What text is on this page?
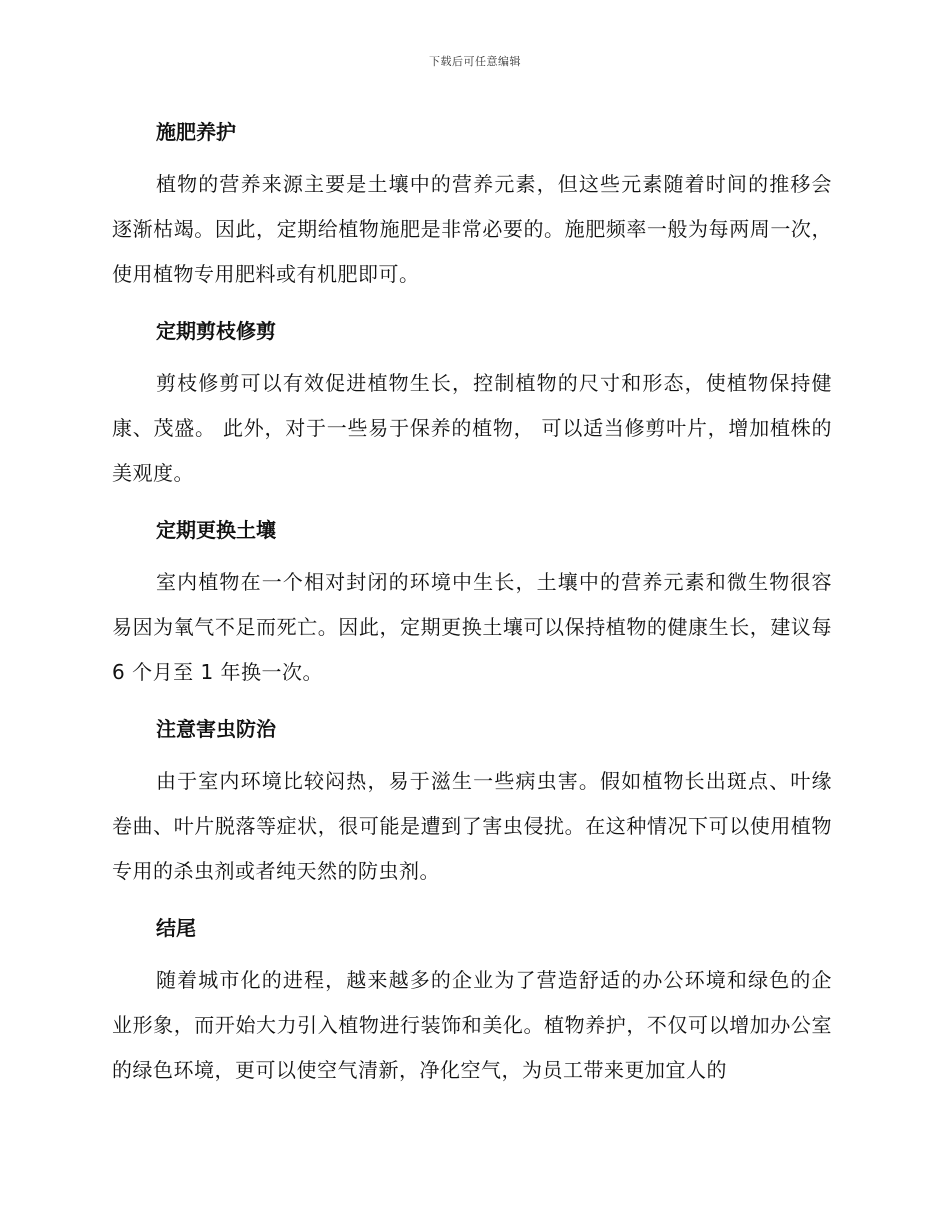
下载后可任意编辑
施肥养护

植物的营养来源主要是土壤中的营养元素，但这些元素随着时间的推移会逐渐枯竭。因此，定期给植物施肥是非常必要的。施肥频率一般为每两周一次，使用植物专用肥料或有机肥即可。

定期剪枝修剪

剪枝修剪可以有效促进植物生长，控制植物的尺寸和形态，使植物保持健康、茂盛。 此外，对于一些易于保养的植物， 可以适当修剪叶片，增加植株的美观度。

定期更换土壤

室内植物在一个相对封闭的环境中生长，土壤中的营养元素和微生物很容易因为氧气不足而死亡。因此，定期更换土壤可以保持植物的健康生长，建议每 6 个月至 1 年换一次。

注意害虫防治

由于室内环境比较闷热，易于滋生一些病虫害。假如植物长出斑点、叶缘卷曲、叶片脱落等症状，很可能是遭到了害虫侵扰。在这种情况下可以使用植物专用的杀虫剂或者纯天然的防虫剂。

结尾

随着城市化的进程，越来越多的企业为了营造舒适的办公环境和绿色的企业形象，而开始大力引入植物进行装饰和美化。植物养护，不仅可以增加办公室的绿色环境，更可以使空气清新，净化空气，为员工带来更加宜人的
